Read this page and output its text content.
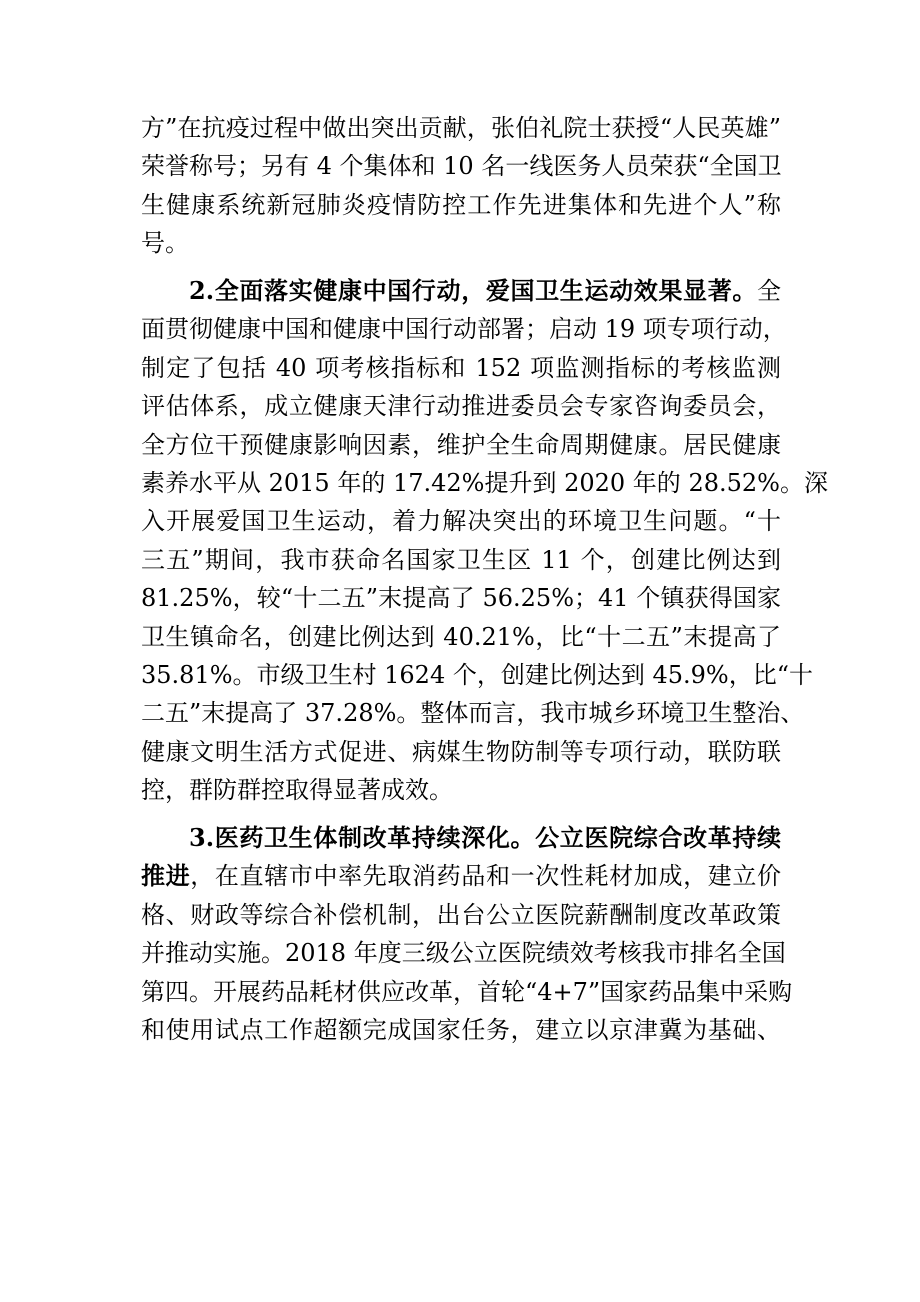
方”在抗疫过程中做出突出贡献，张伯礼院士获授“人民英雄”
荣誉称号；另有 4 个集体和 10 名一线医务人员荣获“全国卫
生健康系统新冠肺炎疫情防控工作先进集体和先进个人”称
号。
2.全面落实健康中国行动，爱国卫生运动效果显著。全
面贯彻健康中国和健康中国行动部署；启动 19 项专项行动，
制定了包括 40 项考核指标和 152 项监测指标的考核监测
评估体系，成立健康天津行动推进委员会专家咨询委员会，
全方位干预健康影响因素，维护全生命周期健康。居民健康
素养水平从 2015 年的 17.42%提升到 2020 年的 28.52%。深
入开展爱国卫生运动，着力解决突出的环境卫生问题。“十
三五”期间，我市获命名国家卫生区 11 个，创建比例达到
81.25%，较“十二五”末提高了 56.25%；41 个镇获得国家
卫生镇命名，创建比例达到 40.21%，比“十二五”末提高了
35.81%。市级卫生村 1624 个，创建比例达到 45.9%，比“十
二五”末提高了 37.28%。整体而言，我市城乡环境卫生整治、
健康文明生活方式促进、病媒生物防制等专项行动，联防联
控，群防群控取得显著成效。
3.医药卫生体制改革持续深化。公立医院综合改革持续
推进，在直辖市中率先取消药品和一次性耗材加成，建立价
格、财政等综合补偿机制，出台公立医院薪酬制度改革政策
并推动实施。2018 年度三级公立医院绩效考核我市排名全国
第四。开展药品耗材供应改革，首轮“4+7”国家药品集中采购
和使用试点工作超额完成国家任务，建立以京津冀为基础、
